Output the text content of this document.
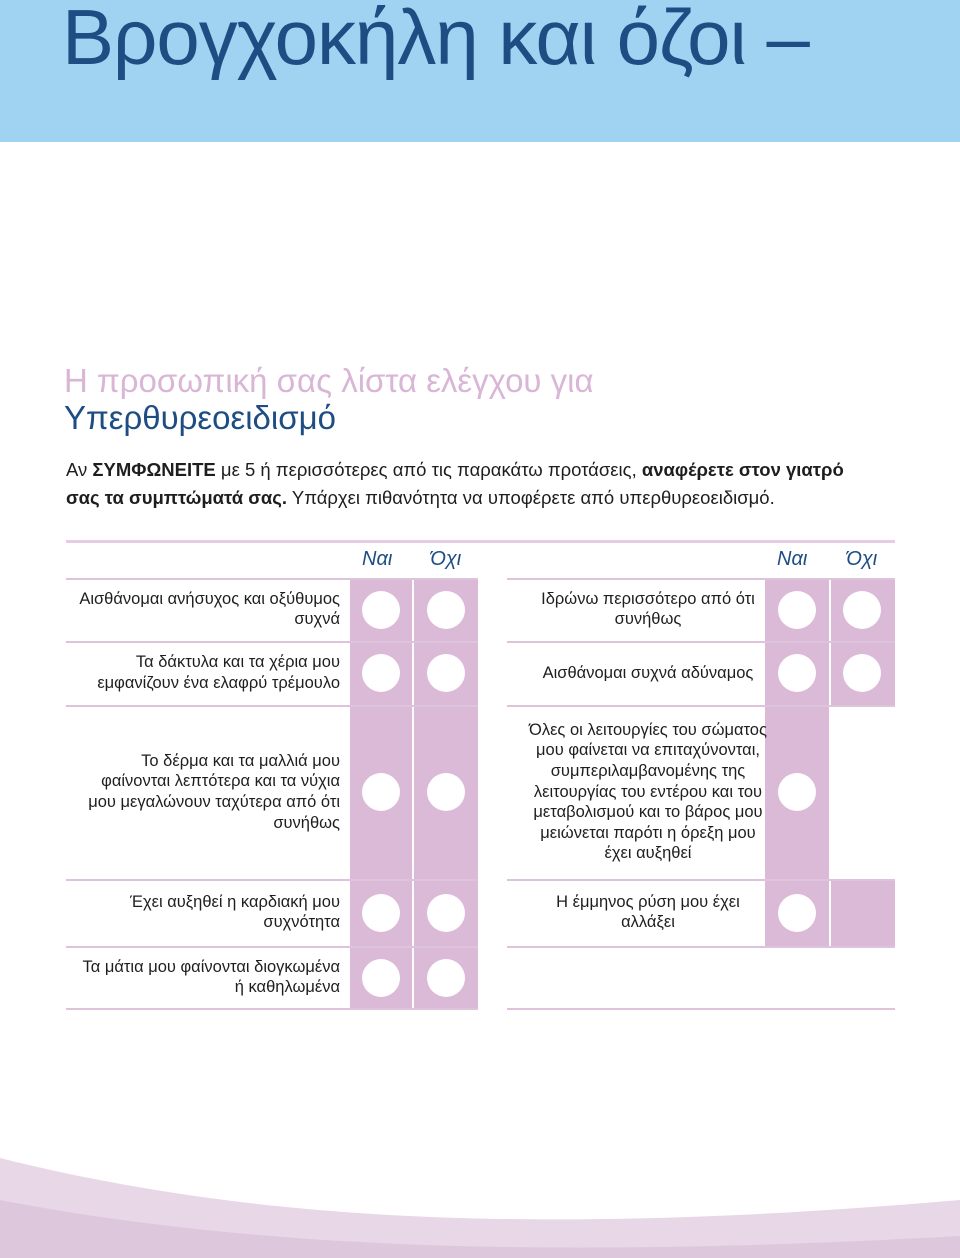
Βρογχοκήλη και όζοι –
Η προσωπική σας λίστα ελέγχου για
Υπερθυρεοειδισμό
Αν ΣΥΜΦΩΝΕΙΤΕ με 5 ή περισσότερες από τις παρακάτω προτάσεις, αναφέρετε στον γιατρό σας τα συμπτώματά σας. Υπάρχει πιθανότητα να υποφέρετε από υπερθυρεοειδισμό.
Ναι Όχι	Ναι Όχι
Αισθάνομαι ανήσυχος και οξύθυμος συχνά
Τα δάκτυλα και τα χέρια μου εμφανίζουν ένα ελαφρύ τρέμουλο
Το δέρμα και τα μαλλιά μου φαίνονται λεπτότερα και τα νύχια μου μεγαλώνουν ταχύτερα από ότι συνήθως
Έχει αυξηθεί η καρδιακή μου συχνότητα
Τα μάτια μου φαίνονται διογκωμένα ή καθηλωμένα
Ιδρώνω περισσότερο από ότι συνήθως
Αισθάνομαι συχνά αδύναμος
Όλες οι λειτουργίες του σώματος μου φαίνεται να επιταχύνονται, συμπεριλαμβανομένης της λειτουργίας του εντέρου και του μεταβολισμού και το βάρος μου μειώνεται παρότι η όρεξη μου έχει αυξηθεί
Η έμμηνος ρύση μου έχει αλλάξει
